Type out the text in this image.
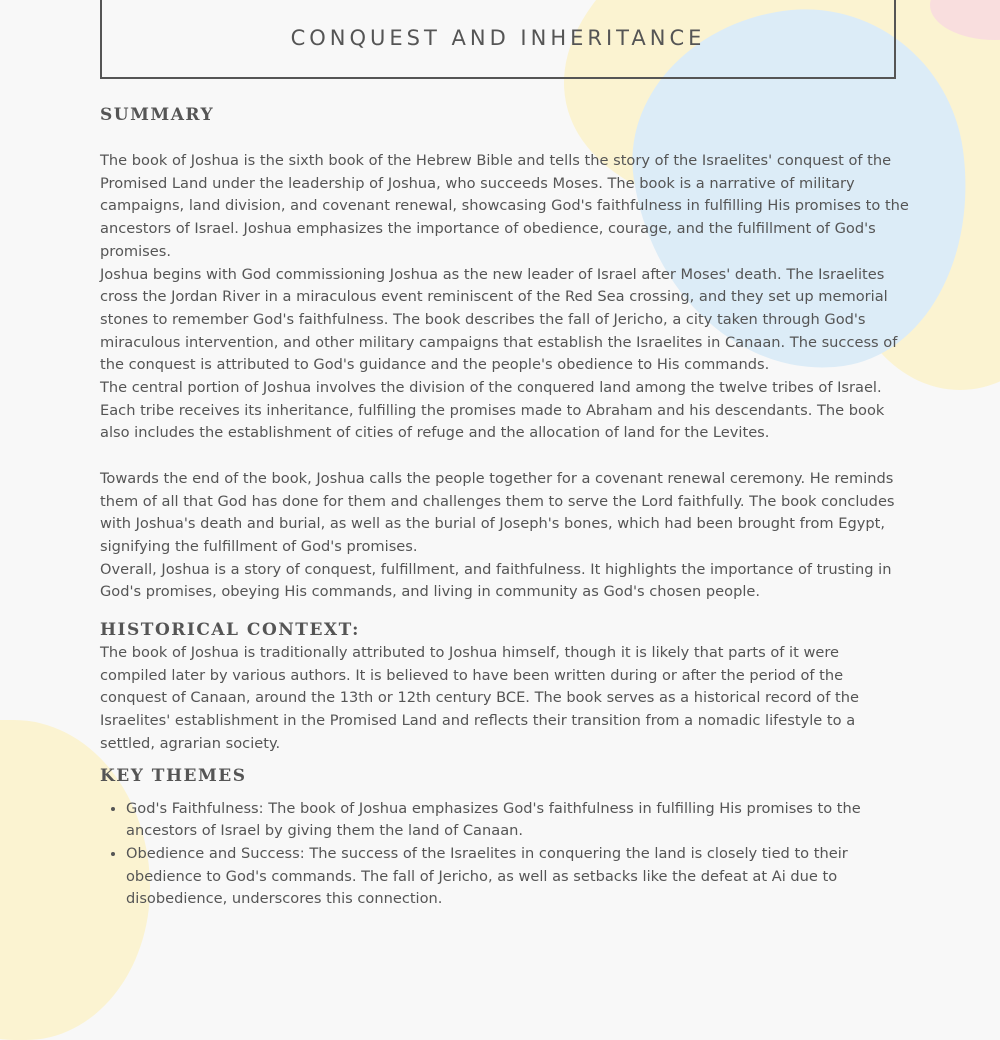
CONQUEST AND INHERITANCE
SUMMARY

The book of Joshua is the sixth book of the Hebrew Bible and tells the story of the Israelites' conquest of the Promised Land under the leadership of Joshua, who succeeds Moses. The book is a narrative of military campaigns, land division, and covenant renewal, showcasing God's faithfulness in fulfilling His promises to the ancestors of Israel. Joshua emphasizes the importance of obedience, courage, and the fulfillment of God's promises.

Joshua begins with God commissioning Joshua as the new leader of Israel after Moses' death. The Israelites cross the Jordan River in a miraculous event reminiscent of the Red Sea crossing, and they set up memorial stones to remember God's faithfulness. The book describes the fall of Jericho, a city taken through God's miraculous intervention, and other military campaigns that establish the Israelites in Canaan. The success of the conquest is attributed to God's guidance and the people's obedience to His commands.

The central portion of Joshua involves the division of the conquered land among the twelve tribes of Israel. Each tribe receives its inheritance, fulfilling the promises made to Abraham and his descendants. The book also includes the establishment of cities of refuge and the allocation of land for the Levites.

Towards the end of the book, Joshua calls the people together for a covenant renewal ceremony. He reminds them of all that God has done for them and challenges them to serve the Lord faithfully. The book concludes with Joshua's death and burial, as well as the burial of Joseph's bones, which had been brought from Egypt, signifying the fulfillment of God's promises.

Overall, Joshua is a story of conquest, fulfillment, and faithfulness. It highlights the importance of trusting in God's promises, obeying His commands, and living in community as God's chosen people.

HISTORICAL CONTEXT:

The book of Joshua is traditionally attributed to Joshua himself, though it is likely that parts of it were compiled later by various authors. It is believed to have been written during or after the period of the conquest of Canaan, around the 13th or 12th century BCE. The book serves as a historical record of the Israelites' establishment in the Promised Land and reflects their transition from a nomadic lifestyle to a settled, agrarian society.

KEY THEMES
• God's Faithfulness: The book of Joshua emphasizes God's faithfulness in fulfilling His promises to the ancestors of Israel by giving them the land of Canaan.
• Obedience and Success: The success of the Israelites in conquering the land is closely tied to their obedience to God's commands. The fall of Jericho, as well as setbacks like the defeat at Ai due to disobedience, underscores this connection.
